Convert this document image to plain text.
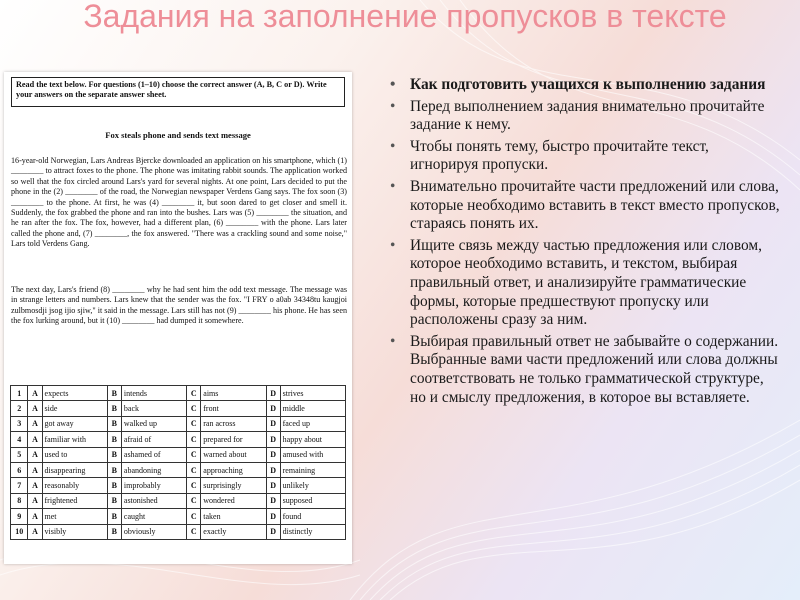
Задания на заполнение пропусков в тексте
Read the text below. For questions (1–10) choose the correct answer (A, B, C or D). Write your answers on the separate answer sheet.
Fox steals phone and sends text message

16-year-old Norwegian, Lars Andreas Bjercke downloaded an application on his smartphone, which (1) ________ to attract foxes to the phone. The phone was imitating rabbit sounds. The application worked so well that the fox circled around Lars's yard for several nights. At one point, Lars decided to put the phone in the (2) ________ of the road, the Norwegian newspaper Verdens Gang says. The fox soon (3) ________ to the phone. At first, he was (4) ________ it, but soon dared to get closer and smell it. Suddenly, the fox grabbed the phone and ran into the bushes. Lars was (5) ________ the situation, and he ran after the fox. The fox, however, had a different plan, (6) ________ with the phone. Lars later called the phone and, (7) ________, the fox answered. "There was a crackling sound and some noise," Lars told Verdens Gang.

The next day, Lars's friend (8) ________ why he had sent him the odd text message. The message was in strange letters and numbers. Lars knew that the sender was the fox. "I FRY o a0ab 34348tu kaugjoi zulbmosdji jsog ijio sjiw," it said in the message. Lars still has not (9) ________ his phone. He has seen the fox lurking around, but it (10) ________ had dumped it somewhere.

1	A	expects	B	intends	C	aims	D	strives
2	A	side	B	back	C	front	D	middle
3	A	got away	B	walked up	C	ran across	D	faced up
4	A	familiar with	B	afraid of	C	prepared for	D	happy about
5	A	used to	B	ashamed of	C	warned about	D	amused with
6	A	disappearing	B	abandoning	C	approaching	D	remaining
7	A	reasonably	B	improbably	C	surprisingly	D	unlikely
8	A	frightened	B	astonished	C	wondered	D	supposed
9	A	met	B	caught	C	taken	D	found
10	A	visibly	B	obviously	C	exactly	D	distinctly
• Как подготовить учащихся к выполнению задания
• Перед выполнением задания внимательно прочитайте задание к нему.
• Чтобы понять тему, быстро прочитайте текст, игнорируя пропуски.
• Внимательно прочитайте части предложений или слова, которые необходимо вставить в текст вместо пропусков, стараясь понять их.
• Ищите связь между частью предложения или словом, которое необходимо вставить, и текстом, выбирая правильный ответ, и анализируйте грамматические формы, которые предшествуют пропуску или расположены сразу за ним.
• Выбирая правильный ответ не забывайте о содержании. Выбранные вами части предложений или слова должны соответствовать не только грамматической структуре, но и смыслу предложения, в которое вы вставляете.
